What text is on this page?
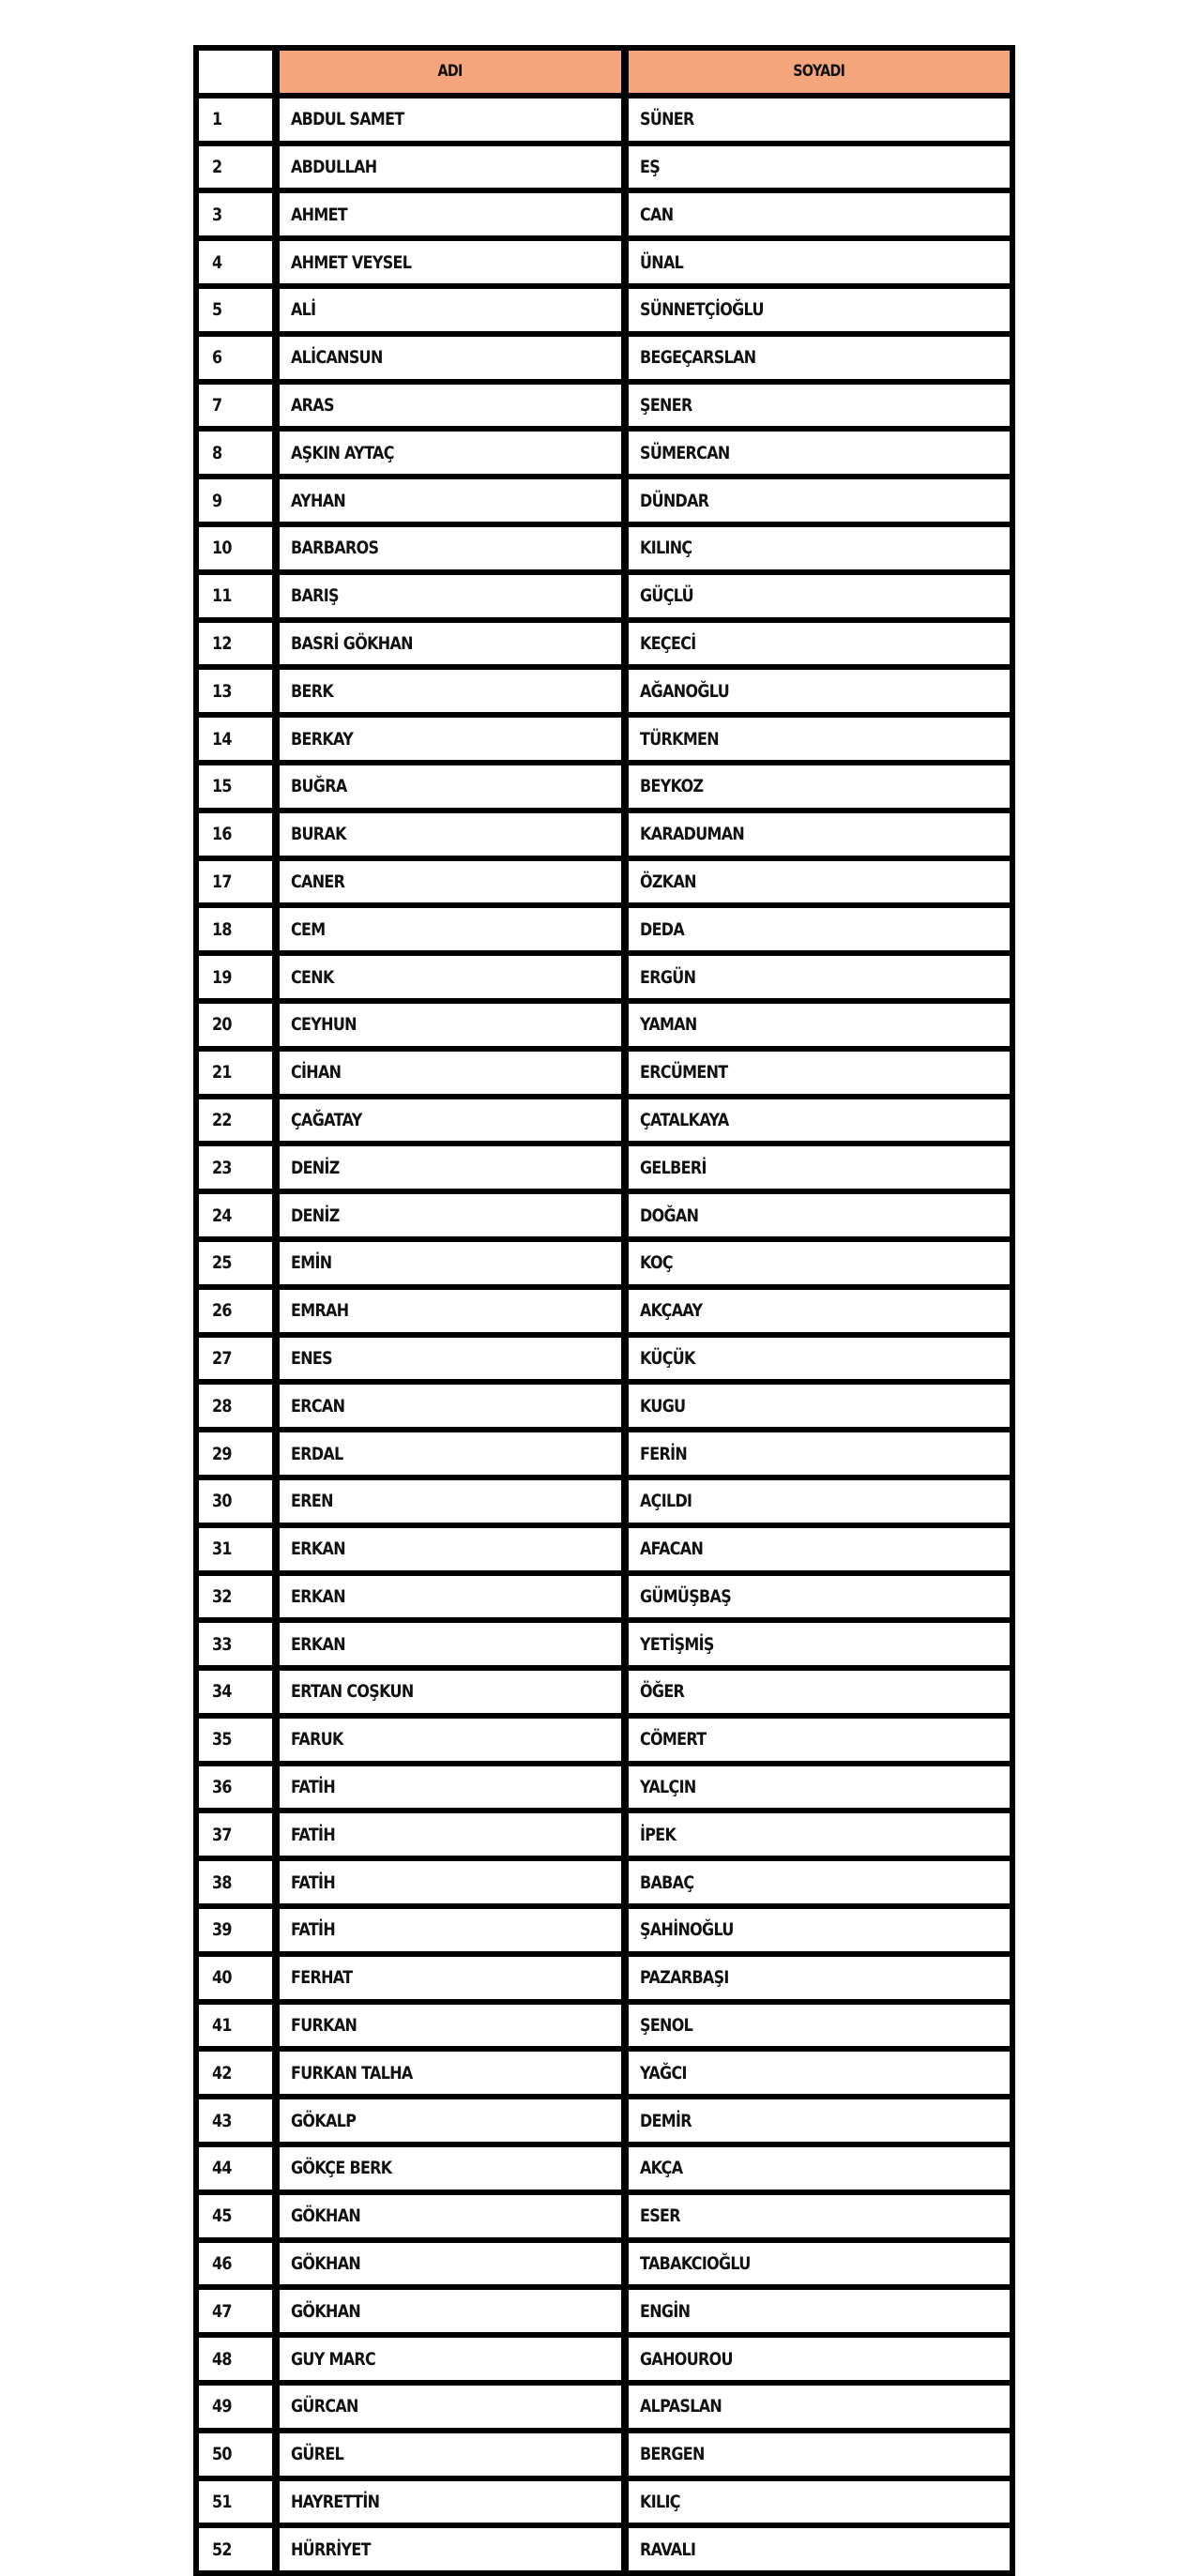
ADI	SOYADI
1	ABDUL SAMET	SÜNER
2	ABDULLAH	EŞ
3	AHMET	CAN
4	AHMET VEYSEL	ÜNAL
5	ALİ	SÜNNETÇİOĞLU
6	ALİCANSUN	BEGEÇARSLAN
7	ARAS	ŞENER
8	AŞKIN AYTAÇ	SÜMERCAN
9	AYHAN	DÜNDAR
10	BARBAROS	KILINÇ
11	BARIŞ	GÜÇLÜ
12	BASRİ GÖKHAN	KEÇECİ
13	BERK	AĞANOĞLU
14	BERKAY	TÜRKMEN
15	BUĞRA	BEYKOZ
16	BURAK	KARADUMAN
17	CANER	ÖZKAN
18	CEM	DEDA
19	CENK	ERGÜN
20	CEYHUN	YAMAN
21	CİHAN	ERCÜMENT
22	ÇAĞATAY	ÇATALKAYA
23	DENİZ	GELBERİ
24	DENİZ	DOĞAN
25	EMİN	KOÇ
26	EMRAH	AKÇAAY
27	ENES	KÜÇÜK
28	ERCAN	KUGU
29	ERDAL	FERİN
30	EREN	AÇILDI
31	ERKAN	AFACAN
32	ERKAN	GÜMÜŞBAŞ
33	ERKAN	YETİŞMİŞ
34	ERTAN COŞKUN	ÖĞER
35	FARUK	CÖMERT
36	FATİH	YALÇIN
37	FATİH	İPEK
38	FATİH	BABAÇ
39	FATİH	ŞAHİNOĞLU
40	FERHAT	PAZARBAŞI
41	FURKAN	ŞENOL
42	FURKAN TALHA	YAĞCI
43	GÖKALP	DEMİR
44	GÖKÇE BERK	AKÇA
45	GÖKHAN	ESER
46	GÖKHAN	TABAKCIOĞLU
47	GÖKHAN	ENGİN
48	GUY MARC	GAHOUROU
49	GÜRCAN	ALPASLAN
50	GÜREL	BERGEN
51	HAYRETTİN	KILIÇ
52	HÜRRİYET	RAVALI
